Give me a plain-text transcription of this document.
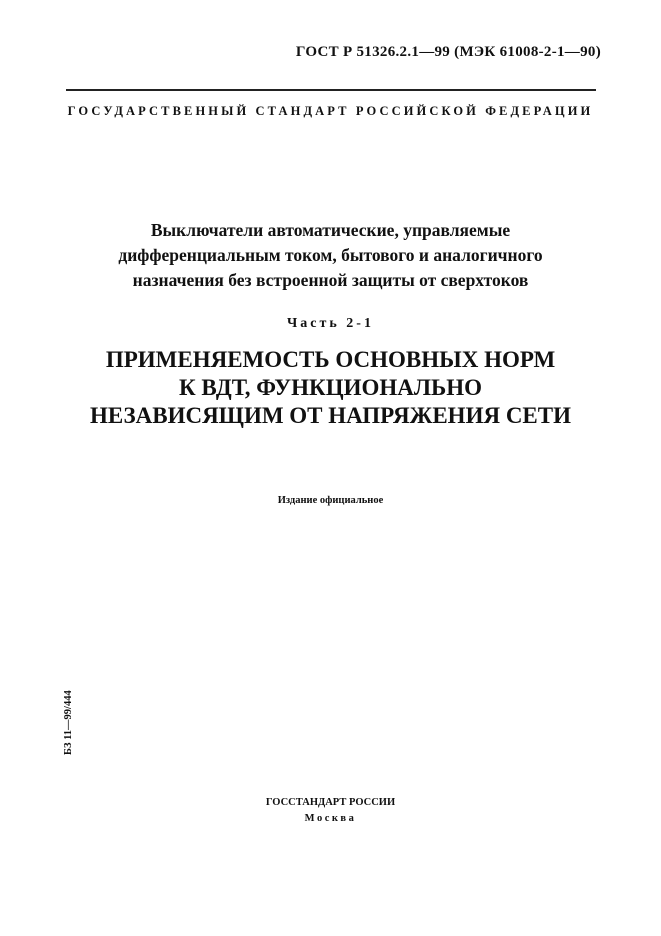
ГОСТ Р 51326.2.1—99 (МЭК 61008-2-1—90)
ГОСУДАРСТВЕННЫЙ СТАНДАРТ РОССИЙСКОЙ ФЕДЕРАЦИИ
Выключатели автоматические, управляемые
дифференциальным током, бытового и аналогичного
назначения без встроенной защиты от сверхтоков
Часть 2-1
ПРИМЕНЯЕМОСТЬ ОСНОВНЫХ НОРМ
К ВДТ, ФУНКЦИОНАЛЬНО
НЕЗАВИСЯЩИМ ОТ НАПРЯЖЕНИЯ СЕТИ
Издание официальное
БЗ 11—99/444
ГОССТАНДАРТ РОССИИ
Москва
